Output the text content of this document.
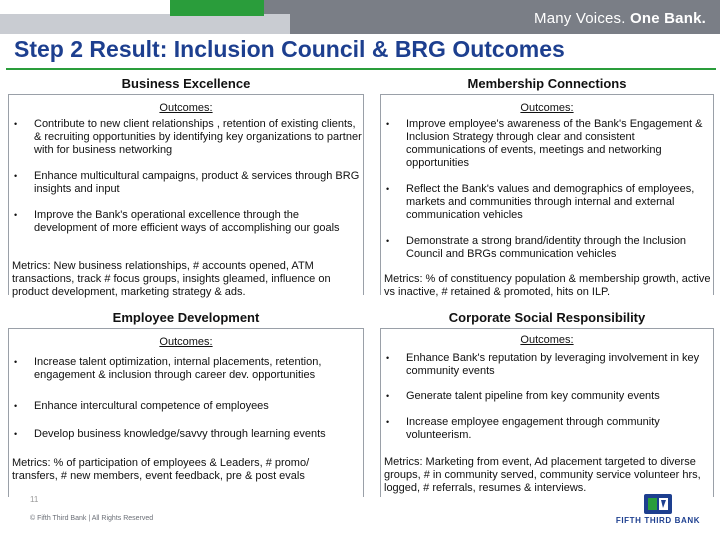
Many Voices. One Bank.
Step 2 Result: Inclusion Council & BRG Outcomes
Business Excellence
Outcomes:
• Contribute to new client relationships , retention of existing clients, & recruiting opportunities by identifying key organizations to partner with for business networking
• Enhance multicultural campaigns, product & services through BRG insights and input
• Improve the Bank's operational excellence through the development of more efficient ways of accomplishing our goals
Metrics: New business relationships, # accounts opened, ATM transactions, track # focus groups, insights gleamed, influence on product development, marketing strategy & ads.
Membership Connections
Outcomes:
• Improve employee's awareness of the Bank's Engagement & Inclusion Strategy through clear and consistent communications of events, meetings and networking opportunities
• Reflect the Bank's values and demographics of employees, markets and communities through internal and external communication vehicles
• Demonstrate a strong brand/identity through the Inclusion Council and BRGs communication vehicles
Metrics: % of constituency population & membership growth, active vs inactive, # retained & promoted, hits on ILP.
Employee Development
Outcomes:
• Increase talent optimization, internal placements, retention, engagement & inclusion through career dev. opportunities
• Enhance intercultural competence of employees
• Develop business knowledge/savvy through learning events
Metrics: % of participation of employees & Leaders, # promo/ transfers, # new members, event feedback, pre & post evals
Corporate Social Responsibility
Outcomes:
• Enhance Bank's reputation by leveraging involvement in key community events
• Generate talent pipeline from key community events
• Increase employee engagement through community volunteerism.
Metrics: Marketing from event, Ad placement targeted to diverse groups, # in community served, community service volunteer hrs, logged, # referrals, resumes & interviews.
11
© Fifth Third Bank | All Rights Reserved	FIFTH THIRD BANK
